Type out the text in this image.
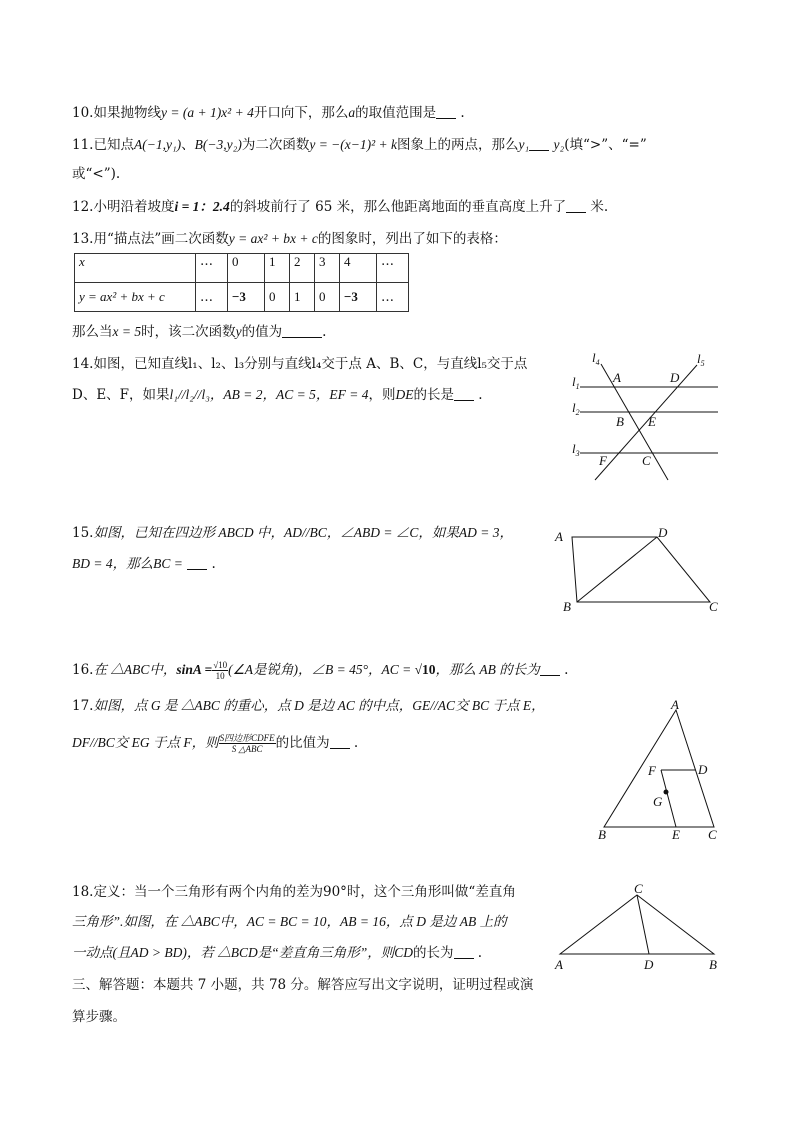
10.如果抛物线y = (a + 1)x² + 4开口向下，那么a的取值范围是 .
11.已知点A(−1,y₁)、B(−3,y₂)为二次函数y = −(x−1)² + k图象上的两点，那么y₁ y₂(填“>”、“=”
或“<”).
12.小明沿着坡度i = 1：2.4的斜坡前行了 65 米，那么他距离地面的垂直高度上升了 米.
13.用“描点法”画二次函数y = ax² + bx + c的图象时，列出了如下的表格：
x	…	0	1	2	3	4	…
y = ax² + bx + c	…	−3	0	1	0	−3	…
那么当x = 5时，该二次函数y的值为	.
14.如图，已知直线l₁、l₂、l₃分别与直线l₄交于点 A、B、C，与直线l₅交于点
D、E、F，如果l₁//l₂//l₃，AB = 2，AC = 5，EF = 4，则DE的长是 .
$l_4$	$l_5$
$l_1$
$l_2$
$l_3$
A	D
B E
F	C
15.如图，已知在四边形 ABCD 中，AD//BC，∠ABD = ∠C，如果AD = 3，
BD = 4，那么BC = .
A	D
B	C
16.在 △ABC中，$\sin A = \frac{√10}{10}$ (∠A是锐角)，∠B = 45°，AC = √10，那么 AB 的长为 .
17.如图，点 G 是 △ABC 的重心，点 D 是边 AC 的中点，GE//AC交 BC 于点 E，
DF//BC交 EG 于点 F，则 $\frac{\text{S四边形CDFE}}{\text{S △ABC}}$ 的比值为 .
A
F	D
G
B	E C
18.定义：当一个三角形有两个内角的差为90°时，这个三角形叫做“差直角
三角形”.如图，在 △ABC中，AC = BC = 10，AB = 16，点 D 是边 AB 上的
一动点(且AD > BD)，若 △BCD是“差直角三角形”，则CD的长为 .
C
A	D	B
三、解答题：本题共 7 小题，共 78 分。解答应写出文字说明，证明过程或演
算步骤。
